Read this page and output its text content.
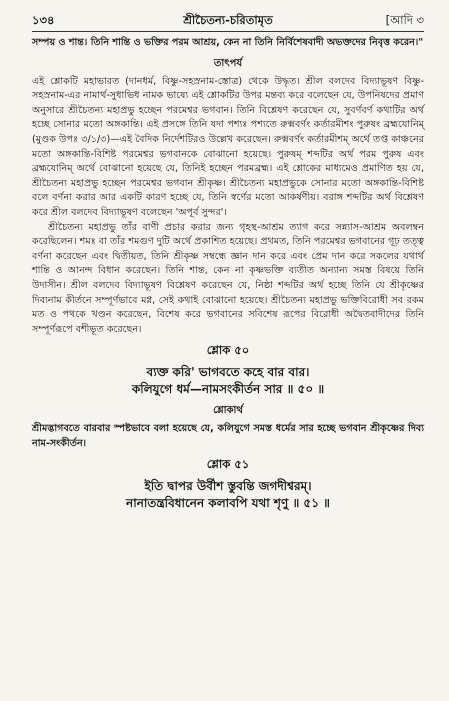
১৩৪	শ্রীচৈতন্য-চরিতামৃত	[আদি ৩

সম্পয় ও শান্ত। তিনি শান্তি ও ভক্তির পরম আশ্রয়, কেন না তিনি নির্বিশেষবাদী অভক্তদের নিবৃত্ত করেন।"

তাৎপর্য

এই শ্লোকটি মহাভারত (দানধর্ম, বিষ্ণু-সহস্রনাম-স্তোত্র) থেকে উদ্ধৃত। শ্রীল বলদেব বিদ্যাভূষণ বিষ্ণু-সহস্রনাম-এর নামার্থ-সুধাভিধ নামক ভাষ্যে এই শ্লোকটির উপর মন্তব্য করে বলেছেন যে, উপনিষদের প্রমাণ অনুসারে শ্রীচৈতন্য মহাপ্রভু হচ্ছেন পরমেশ্বর ভগবান। তিনি বিশ্লেষণ করেছেন যে, সুবর্ণবর্ণ কথাটির অর্থ হচ্ছে সোনার মতো অঙ্গকান্তি। এই প্রসঙ্গে তিনি যদা পশ্যঃ পশ্যতে রুক্মবর্ণং কর্তারমীশং পুরুষং ব্রহ্মযোনিম্ (মুণ্ডক উপঃ ৩/১/৩)—এই বৈদিক নির্দেশটিরও উল্লেখ করেছেন। রুক্মবর্ণং কর্তারমীশম্ অর্থে তপ্ত কাঞ্চনের মতো অঙ্গকান্তি-বিশিষ্ট পরমেশ্বর ভগবানকে বোঝানো হয়েছে। পুরুষম্ শব্দটির অর্থ পরম পুরুষ এবং ব্রহ্মযোনিম্ অর্থে বোঝানো হয়েছে যে, তিনিই হচ্ছেন পরমব্রহ্ম। এই শ্লোকের মাধ্যমেও প্রমাণিত হয় যে, শ্রীচৈতন্য মহাপ্রভু হচ্ছেন পরমেশ্বর ভগবান শ্রীকৃষ্ণ। শ্রীচৈতন্য মহাপ্রভুকে সোনার মতো অঙ্গকান্তি-বিশিষ্ট বলে বর্ণনা করার আর একটি কারণ হচ্ছে যে, তিনি স্বর্ণের মতো আকর্ষণীয়। বরাঙ্গ শব্দটির অর্থ বিশ্লেষণ করে শ্রীল বলদেব বিদ্যাভূষণ বলেছেন 'অপূর্ব সুন্দর'।

শ্রীচৈতন্য মহাপ্রভু তাঁর বাণী প্রচার করার জন্য গৃহস্থ-আশ্রম ত্যাগ করে সন্ন্যাস-আশ্রম অবলম্বন করেছিলেন। শমঃ বা তাঁর শমগুণ দুটি অর্থে প্রকাশিত হয়েছে। প্রথমত, তিনি পরমেশ্বর ভগবানের গূঢ় তত্ত্ব বর্ণনা করেছেন এবং দ্বিতীয়ত, তিনি শ্রীকৃষ্ণ সম্বন্ধে জ্ঞান দান করে এবং প্রেম দান করে সকলের যথার্থ শান্তি ও আনন্দ বিধান করেছেন। তিনি শান্ত, কেন না কৃষ্ণভক্তি ব্যতীত অন্যান্য সমস্ত বিষয়ে তিনি উদাসীন। শ্রীল বলদেব বিদ্যাভূষণ বিশ্লেষণ করেছেন যে, নিষ্ঠা শব্দটির অর্থ হচ্ছে তিনি যে শ্রীকৃষ্ণের দিব্যনাম কীর্তনে সম্পূর্ণভাবে মগ্ন, সেই কথাই বোঝানো হয়েছে। শ্রীচৈতন্য মহাপ্রভু ভক্তিবিরোধী সব রকম মত ও পথকে খণ্ডন করেছেন, বিশেষ করে ভগবানের সবিশেষ রূপের বিরোধী অদ্বৈতবাদীদের তিনি সম্পূর্ণরূপে বশীভূত করেছেন।

শ্লোক ৫০
ব্যক্ত করি' ভাগবতে কহে বার বার।
কলিযুগে ধর্ম—নামসংকীর্তন সার ॥ ৫০ ॥
শ্লোকার্থ

শ্রীমদ্ভাগবতে বারবার স্পষ্টভাবে বলা হয়েছে যে, কলিযুগে সমস্ত ধর্মের সার হচ্ছে ভগবান শ্রীকৃষ্ণের দিব্য নাম-সংকীর্তন।

শ্লোক ৫১
ইতি দ্বাপর উর্বীশ স্তুবন্তি জগদীশ্বরম্।
নানাতন্ত্রবিধানেন কলাবপি যথা শৃণু ॥ ৫১ ॥
